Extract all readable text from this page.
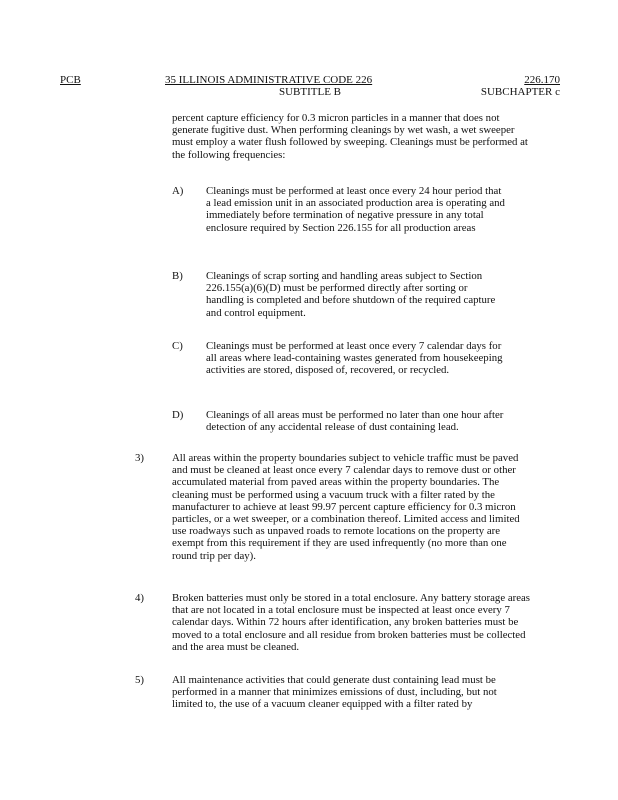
PCB	35 ILLINOIS ADMINISTRATIVE CODE 226
SUBTITLE B
226.170
SUBCHAPTER c

percent capture efficiency for 0.3 micron particles in a manner that does not generate fugitive dust. When performing cleanings by wet wash, a wet sweeper must employ a water flush followed by sweeping. Cleanings must be performed at the following frequencies:

A) Cleanings must be performed at least once every 24 hour period that a lead emission unit in an associated production area is operating and immediately before termination of negative pressure in any total enclosure required by Section 226.155 for all production areas

B) Cleanings of scrap sorting and handling areas subject to Section 226.155(a)(6)(D) must be performed directly after sorting or handling is completed and before shutdown of the required capture and control equipment.

C) Cleanings must be performed at least once every 7 calendar days for all areas where lead-containing wastes generated from housekeeping activities are stored, disposed of, recovered, or recycled.

D) Cleanings of all areas must be performed no later than one hour after detection of any accidental release of dust containing lead.

3)	All areas within the property boundaries subject to vehicle traffic must be paved and must be cleaned at least once every 7 calendar days to remove dust or other accumulated material from paved areas within the property boundaries. The cleaning must be performed using a vacuum truck with a filter rated by the manufacturer to achieve at least 99.97 percent capture efficiency for 0.3 micron particles, or a wet sweeper, or a combination thereof. Limited access and limited use roadways such as unpaved roads to remote locations on the property are exempt from this requirement if they are used infrequently (no more than one round trip per day).

4)	Broken batteries must only be stored in a total enclosure. Any battery storage areas that are not located in a total enclosure must be inspected at least once every 7 calendar days. Within 72 hours after identification, any broken batteries must be moved to a total enclosure and all residue from broken batteries must be collected and the area must be cleaned.

5)	All maintenance activities that could generate dust containing lead must be performed in a manner that minimizes emissions of dust, including, but not limited to, the use of a vacuum cleaner equipped with a filter rated by
